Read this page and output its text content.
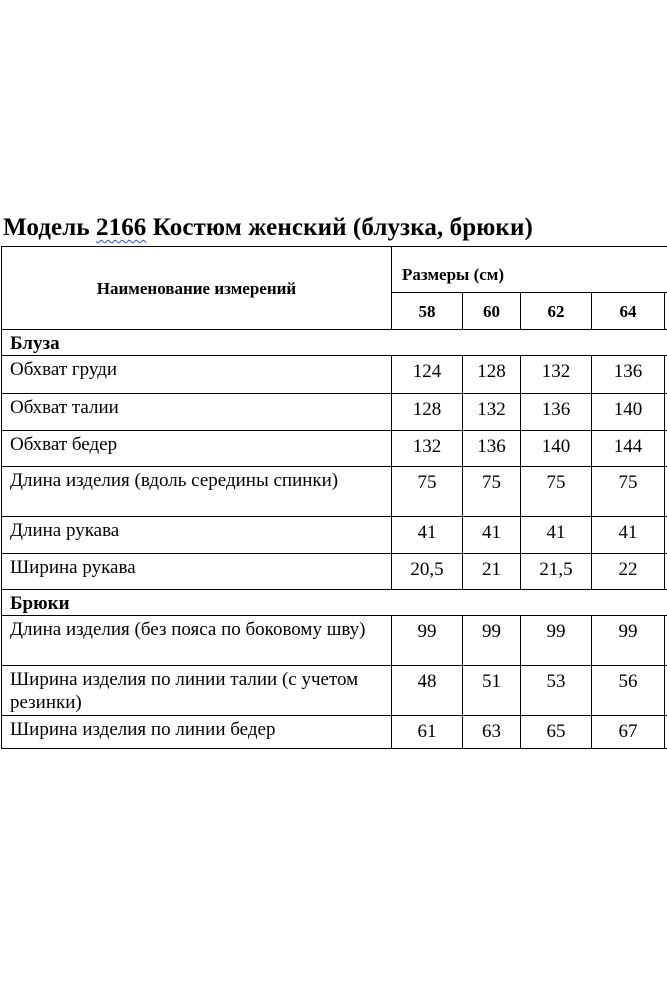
Модель 2166 Костюм женский (блузка, брюки)
Наименование измерений	Размеры (см)				
	58	60	62	64	
Блуза					
Обхват груди	124	128	132	136	
Обхват талии	128	132	136	140	
Обхват бедер	132	136	140	144	
Длина изделия (вдоль середины спинки)	75	75	75	75	
Длина рукава	41	41	41	41	
Ширина рукава	20,5	21	21,5	22	
Брюки					
Длина изделия (без пояса по боковому шву)	99	99	99	99	
Ширина изделия по линии талии (с учетом резинки)	48	51	53	56	
Ширина изделия по линии бедер	61	63	65	67	
